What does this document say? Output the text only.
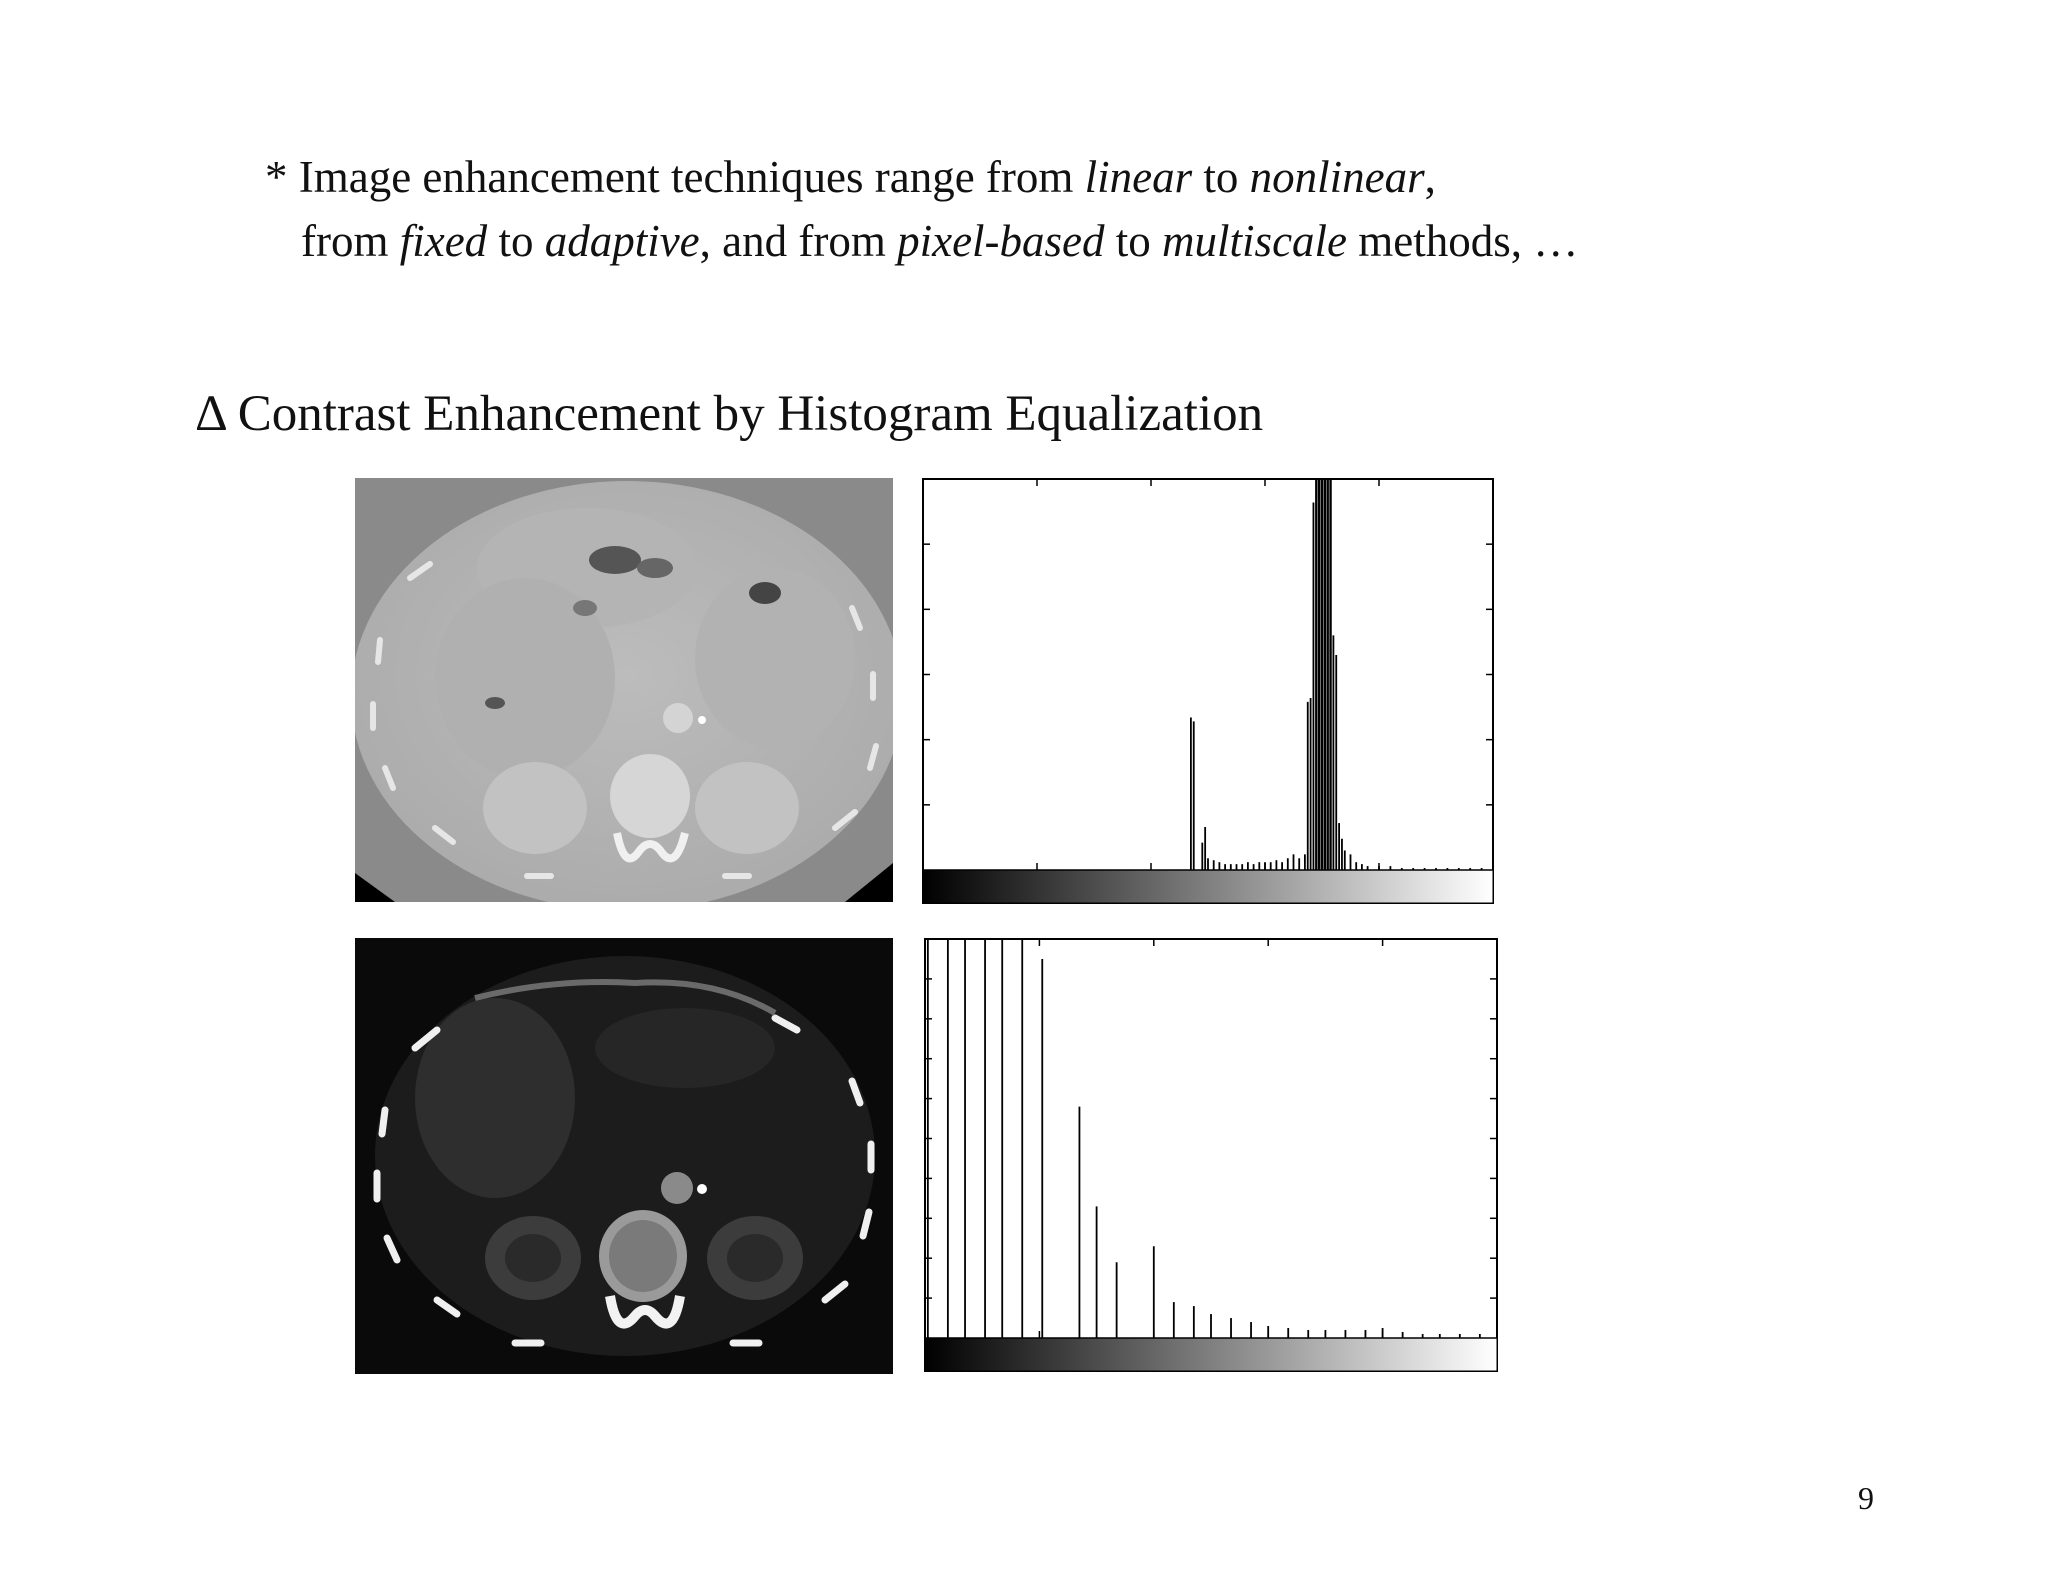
* Image enhancement techniques range from linear to nonlinear,
from fixed to adaptive, and from pixel-based to multiscale methods, …
Δ Contrast Enhancement by Histogram Equalization
9
